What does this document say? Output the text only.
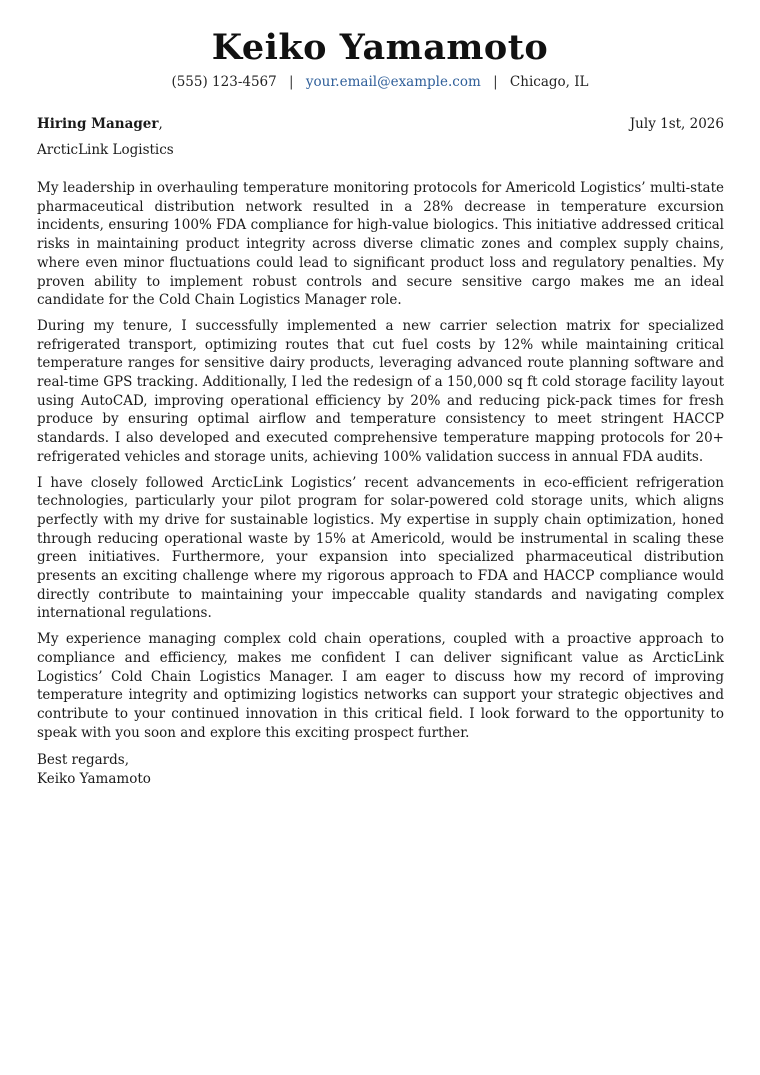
Keiko Yamamoto
(555) 123-4567 | your.email@example.com | Chicago, IL
Hiring Manager,	July 1st, 2026
ArcticLink Logistics

My leadership in overhauling temperature monitoring protocols for Americold Logistics’ multi-state pharmaceutical distribution network resulted in a 28% decrease in temperature excursion incidents, ensuring 100% FDA compliance for high-value biologics. This initiative addressed critical risks in maintaining product integrity across diverse climatic zones and complex supply chains, where even minor fluctuations could lead to significant product loss and regulatory penalties. My proven ability to implement robust controls and secure sensitive cargo makes me an ideal candidate for the Cold Chain Logistics Manager role.

During my tenure, I successfully implemented a new carrier selection matrix for specialized refrigerated transport, optimizing routes that cut fuel costs by 12% while maintaining critical temperature ranges for sensitive dairy products, leveraging advanced route planning software and real-time GPS tracking. Additionally, I led the redesign of a 150,000 sq ft cold storage facility layout using AutoCAD, improving operational efficiency by 20% and reducing pick-pack times for fresh produce by ensuring optimal airflow and temperature consistency to meet stringent HACCP standards. I also developed and executed comprehensive temperature mapping protocols for 20+ refrigerated vehicles and storage units, achieving 100% validation success in annual FDA audits.

I have closely followed ArcticLink Logistics’ recent advancements in eco-efficient refrigeration technologies, particularly your pilot program for solar-powered cold storage units, which aligns perfectly with my drive for sustainable logistics. My expertise in supply chain optimization, honed through reducing operational waste by 15% at Americold, would be instrumental in scaling these green initiatives. Furthermore, your expansion into specialized pharmaceutical distribution presents an exciting challenge where my rigorous approach to FDA and HACCP compliance would directly contribute to maintaining your impeccable quality standards and navigating complex international regulations.

My experience managing complex cold chain operations, coupled with a proactive approach to compliance and efficiency, makes me confident I can deliver significant value as ArcticLink Logistics’ Cold Chain Logistics Manager. I am eager to discuss how my record of improving temperature integrity and optimizing logistics networks can support your strategic objectives and contribute to your continued innovation in this critical field. I look forward to the opportunity to speak with you soon and explore this exciting prospect further.

Best regards,
Keiko Yamamoto
